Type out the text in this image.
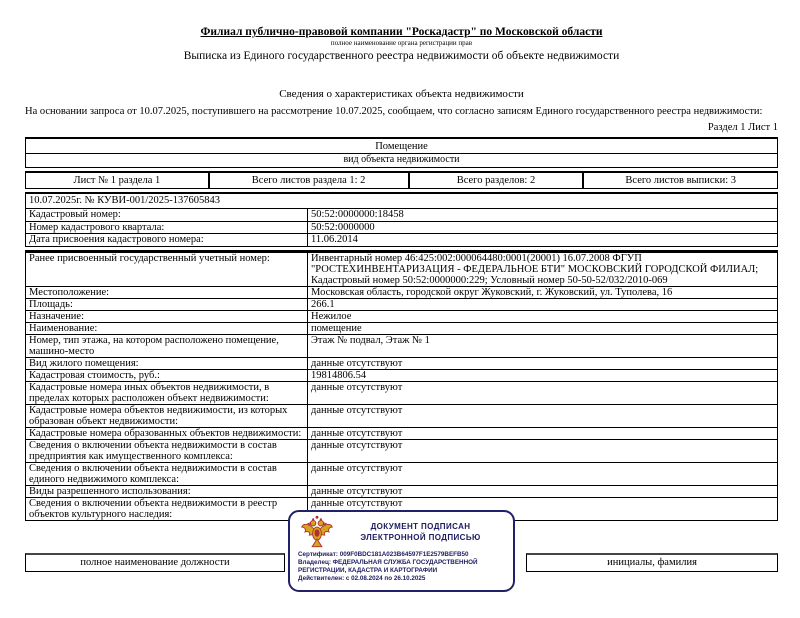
Филиал публично-правовой компании "Роскадастр" по Московской области
полное наименование органа регистрации прав
Выписка из Единого государственного реестра недвижимости об объекте недвижимости
Сведения о характеристиках объекта недвижимости
На основании запроса от 10.07.2025, поступившего на рассмотрение 10.07.2025, сообщаем, что согласно записям Единого государственного реестра недвижимости:
Раздел 1 Лист 1
Помещение
вид объекта недвижимости
Лист № 1 раздела 1	Всего листов раздела 1: 2	Всего разделов: 2	Всего листов выписки: 3
10.07.2025г. № КУВИ-001/2025-137605843
Кадастровый номер:	50:52:0000000:18458
Номер кадастрового квартала:	50:52:0000000
Дата присвоения кадастрового номера:	11.06.2014
Ранее присвоенный государственный учетный номер:	Инвентарный номер 46:425:002:000064480:0001(20001) 16.07.2008 ФГУП "РОСТЕХИНВЕНТАРИЗАЦИЯ - ФЕДЕРАЛЬНОЕ БТИ" МОСКОВСКИЙ ГОРОДСКОЙ ФИЛИАЛ; Кадастровый номер 50:52:0000000:229; Условный номер 50-50-52/032/2010-069
Местоположение:	Московская область, городской округ Жуковский, г. Жуковский, ул. Туполева, 16
Площадь:	266.1
Назначение:	Нежилое
Наименование:	помещение
Номер, тип этажа, на котором расположено помещение, машино-место
Этаж № подвал, Этаж № 1
Вид жилого помещения:	данные отсутствуют
Кадастровая стоимость, руб.:	19814806.54
Кадастровые номера иных объектов недвижимости, в пределах которых расположен объект недвижимости:
данные отсутствуют
Кадастровые номера объектов недвижимости, из которых образован объект недвижимости:
данные отсутствуют
Кадастровые номера образованных объектов недвижимости: данные отсутствуют
Сведения о включении объекта недвижимости в состав предприятия как имущественного комплекса:
данные отсутствуют
Сведения о включении объекта недвижимости в состав единого недвижимого комплекса:
данные отсутствуют
Виды разрешенного использования:	данные отсутствуют
Сведения о включении объекта недвижимости в реестр объектов культурного наследия:
данные отсутствуют
полное наименование должности	инициалы, фамилия
ДОКУМЕНТ ПОДПИСАН
ЭЛЕКТРОННОЙ ПОДПИСЬЮ
Сертификат: 009F0BDC181A023B64597F1E2579BEFB50
Владелец: ФЕДЕРАЛЬНАЯ СЛУЖБА ГОСУДАРСТВЕННОЙ
РЕГИСТРАЦИИ, КАДАСТРА И КАРТОГРАФИИ
Действителен: с 02.08.2024 по 26.10.2025
